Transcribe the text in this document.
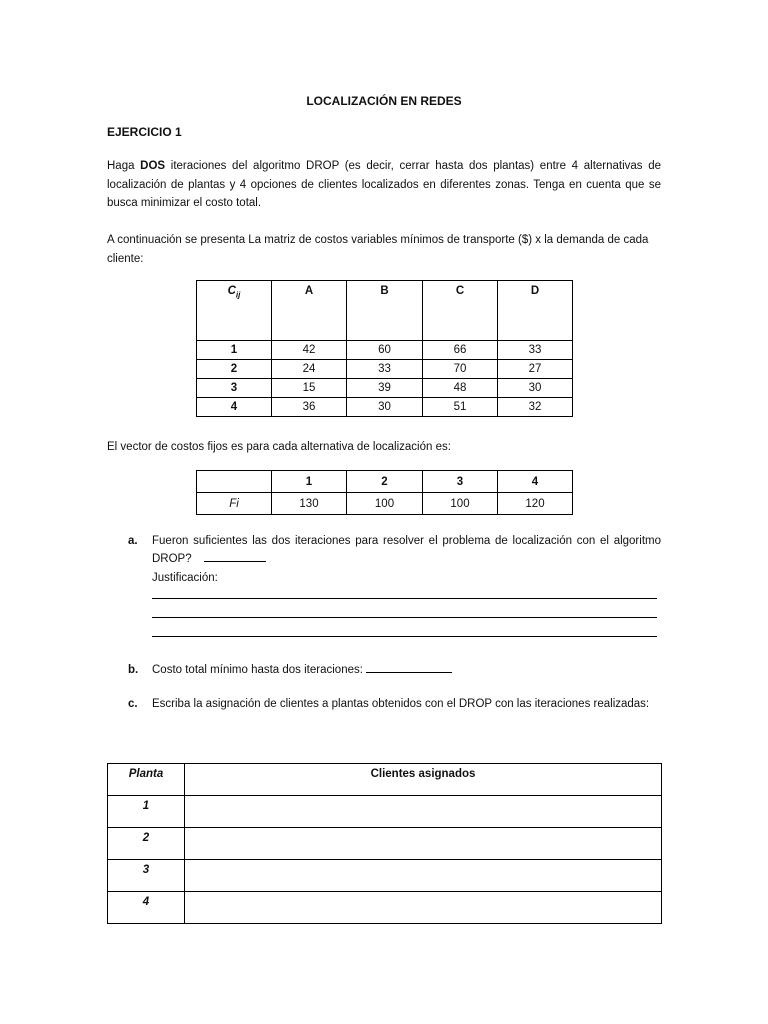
LOCALIZACIÓN EN REDES
EJERCICIO 1
Haga DOS iteraciones del algoritmo DROP (es decir, cerrar hasta dos plantas) entre 4 alternativas de localización de plantas y 4 opciones de clientes localizados en diferentes zonas. Tenga en cuenta que se busca minimizar el costo total.
A continuación se presenta La matriz de costos variables mínimos de transporte ($) x la demanda de cada cliente:
$C_{ij}$	A	B	C	D
1	42	60	66	33
2	24	33	70	27
3	15	39	48	30
4	36	30	51	32
El vector de costos fijos es para cada alternativa de localización es:
	1	2	3	4
Fi	130	100	100	120
a. Fueron suficientes las dos iteraciones para resolver el problema de localización con el algoritmo DROP?
Justificación:
b. Costo total mínimo hasta dos iteraciones:
c. Escriba la asignación de clientes a plantas obtenidos con el DROP con las iteraciones realizadas:
Planta	Clientes asignados
1	
2	
3	
4	
